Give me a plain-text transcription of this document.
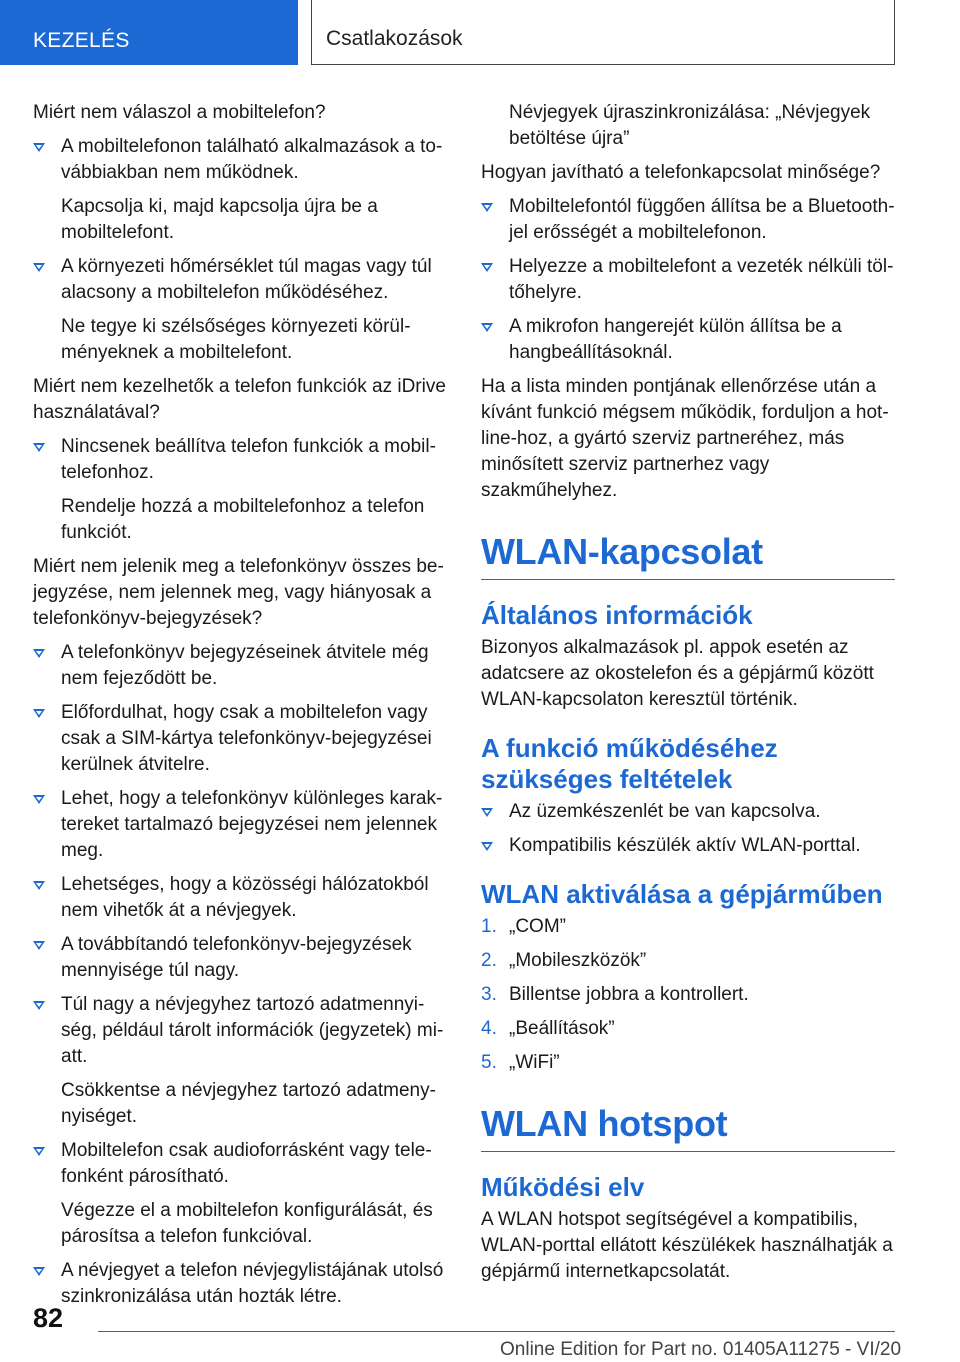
KEZELÉS	Csatlakozások
Miért nem válaszol a mobiltelefon?
A mobiltelefonon található alkalmazások a továbbiakban nem működnek.
Kapcsolja ki, majd kapcsolja újra be a mobiltelefont.
A környezeti hőmérséklet túl magas vagy túl alacsony a mobiltelefon működéséhez.
Ne tegye ki szélsőséges környezeti körülményeknek a mobiltelefont.
Miért nem kezelhetők a telefon funkciók az iDrive használatával?
Nincsenek beállítva telefon funkciók a mobiltelefonhoz.
Rendelje hozzá a mobiltelefonhoz a telefon funkciót.
Miért nem jelenik meg a telefonkönyv összes bejegyzése, nem jelennek meg, vagy hiányosak a telefonkönyv-bejegyzések?
A telefonkönyv bejegyzéseinek átvitele még nem fejeződött be.
Előfordulhat, hogy csak a mobiltelefon vagy csak a SIM-kártya telefonkönyv-bejegyzései kerülnek átvitelre.
Lehet, hogy a telefonkönyv különleges karaktereket tartalmazó bejegyzései nem jelennek meg.
Lehetséges, hogy a közösségi hálózatokból nem vihetők át a névjegyek.
A továbbítandó telefonkönyv-bejegyzések mennyisége túl nagy.
Túl nagy a névjegyhez tartozó adatmennyiség, például tárolt információk (jegyzetek) miatt.
Csökkentse a névjegyhez tartozó adatmenynyiséget.
Mobiltelefon csak audioforrásként vagy telefonként párosítható.
Végezze el a mobiltelefon konfigurálását, és párosítsa a telefon funkcióval.
A névjegyet a telefon névjegylistájának utolsó szinkronizálása után hozták létre.
Névjegyek újraszinkronizálása: „Névjegyek betöltése újra”
Hogyan javítható a telefonkapcsolat minősége?
Mobiltelefontól függően állítsa be a Bluetooth-jel erősségét a mobiltelefonon.
Helyezze a mobiltelefont a vezeték nélküli töltőhelyre.
A mikrofon hangerejét külön állítsa be a hangbeállításoknál.
Ha a lista minden pontjának ellenőrzése után a kívánt funkció mégsem működik, forduljon a hotline-hoz, a gyártó szerviz partneréhez, más minősített szerviz partnerhez vagy szakműhelyhez.
WLAN-kapcsolat
Általános információk
Bizonyos alkalmazások pl. appok esetén az adatcsere az okostelefon és a gépjármű között WLAN-kapcsolaton keresztül történik.
A funkció működéséhez szükséges feltételek
Az üzemkészenlét be van kapcsolva.
Kompatibilis készülék aktív WLAN-porttal.
WLAN aktiválása a gépjárműben
1. „COM”
2. „Mobileszközök”
3. Billentse jobbra a kontrollert.
4. „Beállítások”
5. „WiFi”
WLAN hotspot
Működési elv
A WLAN hotspot segítségével a kompatibilis, WLAN-porttal ellátott készülékek használhatják a gépjármű internetkapcsolatát.
82
Online Edition for Part no. 01405A11275 - VI/20
